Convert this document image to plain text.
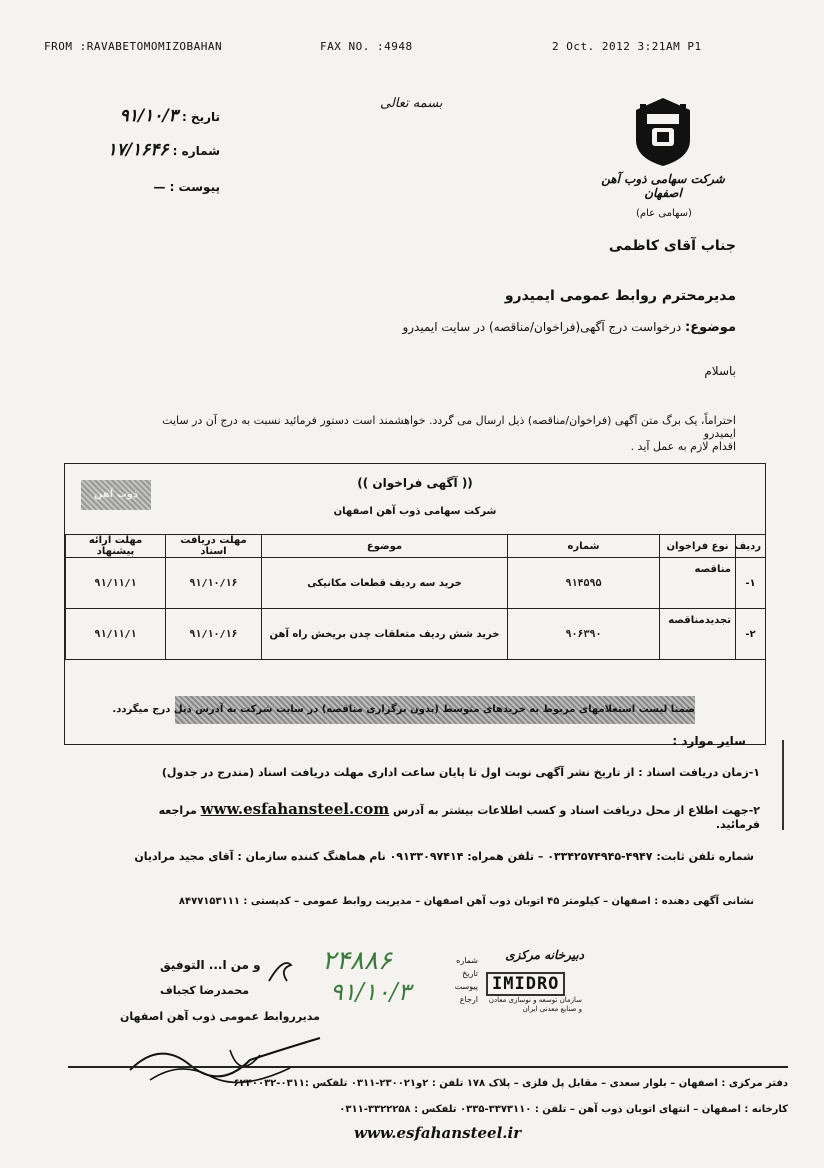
FROM :RAVABETOMOMIZOBAHAN	FAX NO. :4948	2 Oct. 2012 3:21AM P1
تاریخ : ۹۱/۱۰/۳
شماره : ۱۷/۱۶۴۶
پیوست : —
بسمه تعالی
شرکت سهامی ذوب آهن اصفهان
(سهامی عام)
جناب آقای کاظمی
مدیرمحترم روابط عمومی ایمیدرو
موضوع: درخواست درج آگهی(فراخوان/مناقصه) در سایت ایمیدرو
باسلام
احتراماً، یک برگ متن آگهی (فراخوان/مناقصه) ذیل ارسال می گردد. خواهشمند است دستور فرمائید نسبت به درج آن در سایت ایمیدرو
اقدام لازم به عمل آید .
(( آگهی فراخوان ))
شرکت سهامی ذوب آهن اصفهان
ذوب آهن
ردیف	نوع فراخوان	شماره	موضوع	مهلت دریافت اسناد	مهلت ارائه پیشنهاد
۱-	مناقصه	۹۱۴۵۹۵	خرید سه ردیف قطعات مکانیکی	۹۱/۱۰/۱۶	۹۱/۱۱/۱
۲-	تجدیدمناقصه	۹۰۶۳۹۰	خرید شش ردیف متعلقات چدن بریخش راه آهن	۹۱/۱۰/۱۶	۹۱/۱۱/۱
ضمنا لیست استعلامهای مربوط به خریدهای متوسط (بدون برگزاری مناقصه) در سایت شرکت به آدرس ذیل درج میگردد.
سایر موارد :
۱-زمان دریافت اسناد : از تاریخ نشر آگهی نوبت اول تا پایان ساعت اداری مهلت دریافت اسناد (مندرج در جدول)
۲-جهت اطلاع از محل دریافت اسناد و کسب اطلاعات بیشتر به آدرس www.esfahansteel.com مراجعه فرمائید.
شماره تلفن ثابت: ۴۹۴۷-۰۳۳۴۲۵۷۴۹۴۵ – تلفن همراه: ۰۹۱۳۳۰۹۷۴۱۴ نام هماهنگ کننده سازمان : آقای مجید مرادیان
نشانی آگهی دهنده : اصفهان – کیلومتر ۴۵ اتوبان ذوب آهن اصفهان – مدیریت روابط عمومی – کدپستی : ۸۴۷۷۱۵۳۱۱۱
و من ا... التوفیق
محمدرضا کجباف
مدیرروابط عمومی ذوب آهن اصفهان
۲۴۸۸۶
۹۱/۱۰/۳
دبیرخانه مرکزی
شماره
تاریخ
پیوست
ارجاع
IMIDRO
سازمان توسعه و نوسازی معادن و صنایع معدنی ایران
دفتر مرکزی : اصفهان – بلوار سعدی – مقابل پل فلزی – پلاک ۱۷۸ تلفن : ۲و۲۳۰۰۲۱-۰۳۱۱ تلفکس :۰۳۱۱-۶۲۴۰۰۳۲
کارخانه : اصفهان – انتهای اتوبان ذوب آهن – تلفن : ۳۳۷۳۱۱۰-۰۳۳۵ تلفکس : ۳۳۲۲۲۵۸-۰۳۱۱
www.esfahansteel.ir
